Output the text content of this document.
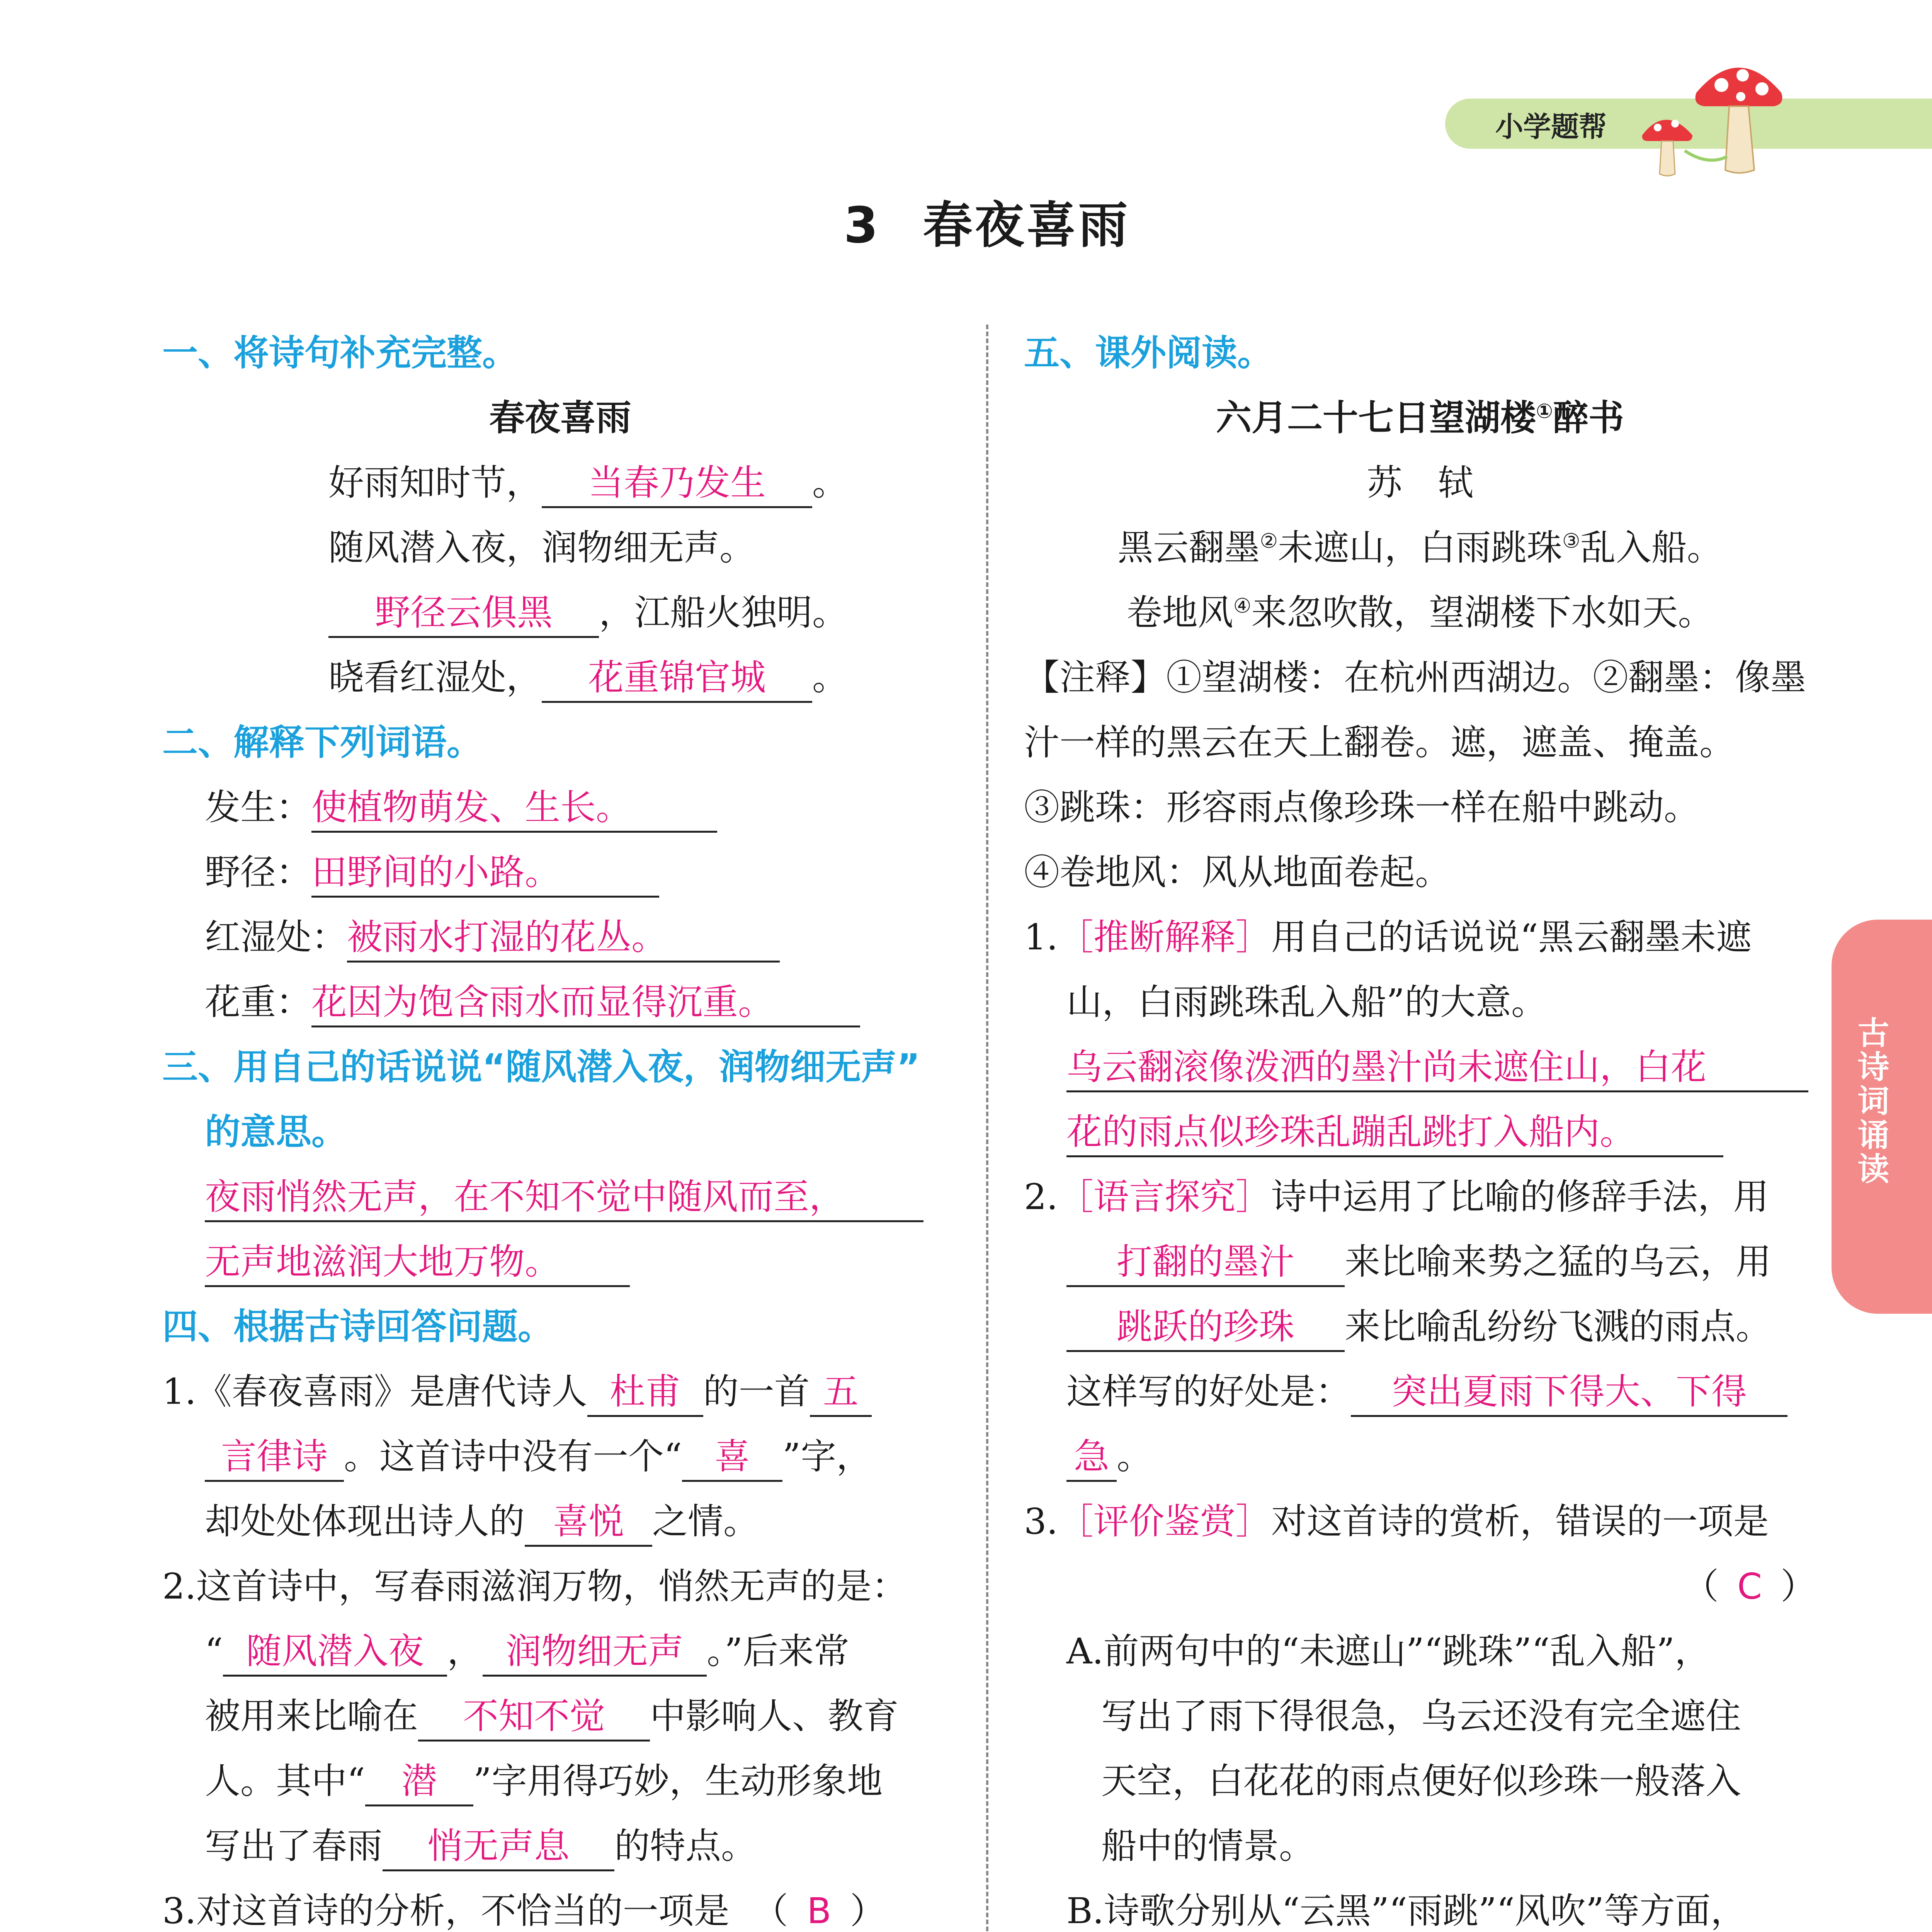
小学题帮
3 春夜喜雨
一、将诗句补充完整。
春夜喜雨
好雨知时节， 当春乃发生 。
随风潜入夜，润物细无声。
野径云俱黑 ，江船火独明。
晓看红湿处， 花重锦官城 。
二、解释下列词语。
发生：使植物萌发、生长。
野径：田野间的小路。
红湿处：被雨水打湿的花丛。
花重：花因为饱含雨水而显得沉重。
三、用自己的话说说“随风潜入夜，润物细无声”
的意思。
夜雨悄然无声，在不知不觉中随风而至，
无声地滋润大地万物。
四、根据古诗回答问题。
1.《春夜喜雨》是唐代诗人 杜甫 的一首 五
言律诗 。这首诗中没有一个“ 喜 ”字，
却处处体现出诗人的 喜悦 之情。
2.这首诗中，写春雨滋润万物，悄然无声的是：
“ 随风潜入夜 ， 润物细无声 。”后来常
被用来比喻在 不知不觉 中影响人、教育
人。其中“ 潜 ”字用得巧妙，生动形象地
写出了春雨 悄无声息 的特点。
3.对这首诗的分析，不恰当的一项是 （ B ）
五、课外阅读。
六月二十七日望湖楼①醉书
苏　轼
黑云翻墨②未遮山，白雨跳珠③乱入船。
卷地风④来忽吹散，望湖楼下水如天。
【注释】①望湖楼：在杭州西湖边。②翻墨：像墨
汁一样的黑云在天上翻卷。遮，遮盖、掩盖。
③跳珠：形容雨点像珍珠一样在船中跳动。
④卷地风：风从地面卷起。
1.［推断解释］用自己的话说说“黑云翻墨未遮
山，白雨跳珠乱入船”的大意。
乌云翻滚像泼洒的墨汁尚未遮住山，白花
花的雨点似珍珠乱蹦乱跳打入船内。
2.［语言探究］诗中运用了比喻的修辞手法，用
打翻的墨汁 来比喻来势之猛的乌云，用
跳跃的珍珠 来比喻乱纷纷飞溅的雨点。
这样写的好处是： 突出夏雨下得大、下得
急 。
3.［评价鉴赏］对这首诗的赏析，错误的一项是
（ C ）
A.前两句中的“未遮山”“跳珠”“乱入船”，
写出了雨下得很急，乌云还没有完全遮住
天空，白花花的雨点便好似珍珠一般落入
船中的情景。
B.诗歌分别从“云黑”“雨跳”“风吹”等方面，
古诗词诵读
